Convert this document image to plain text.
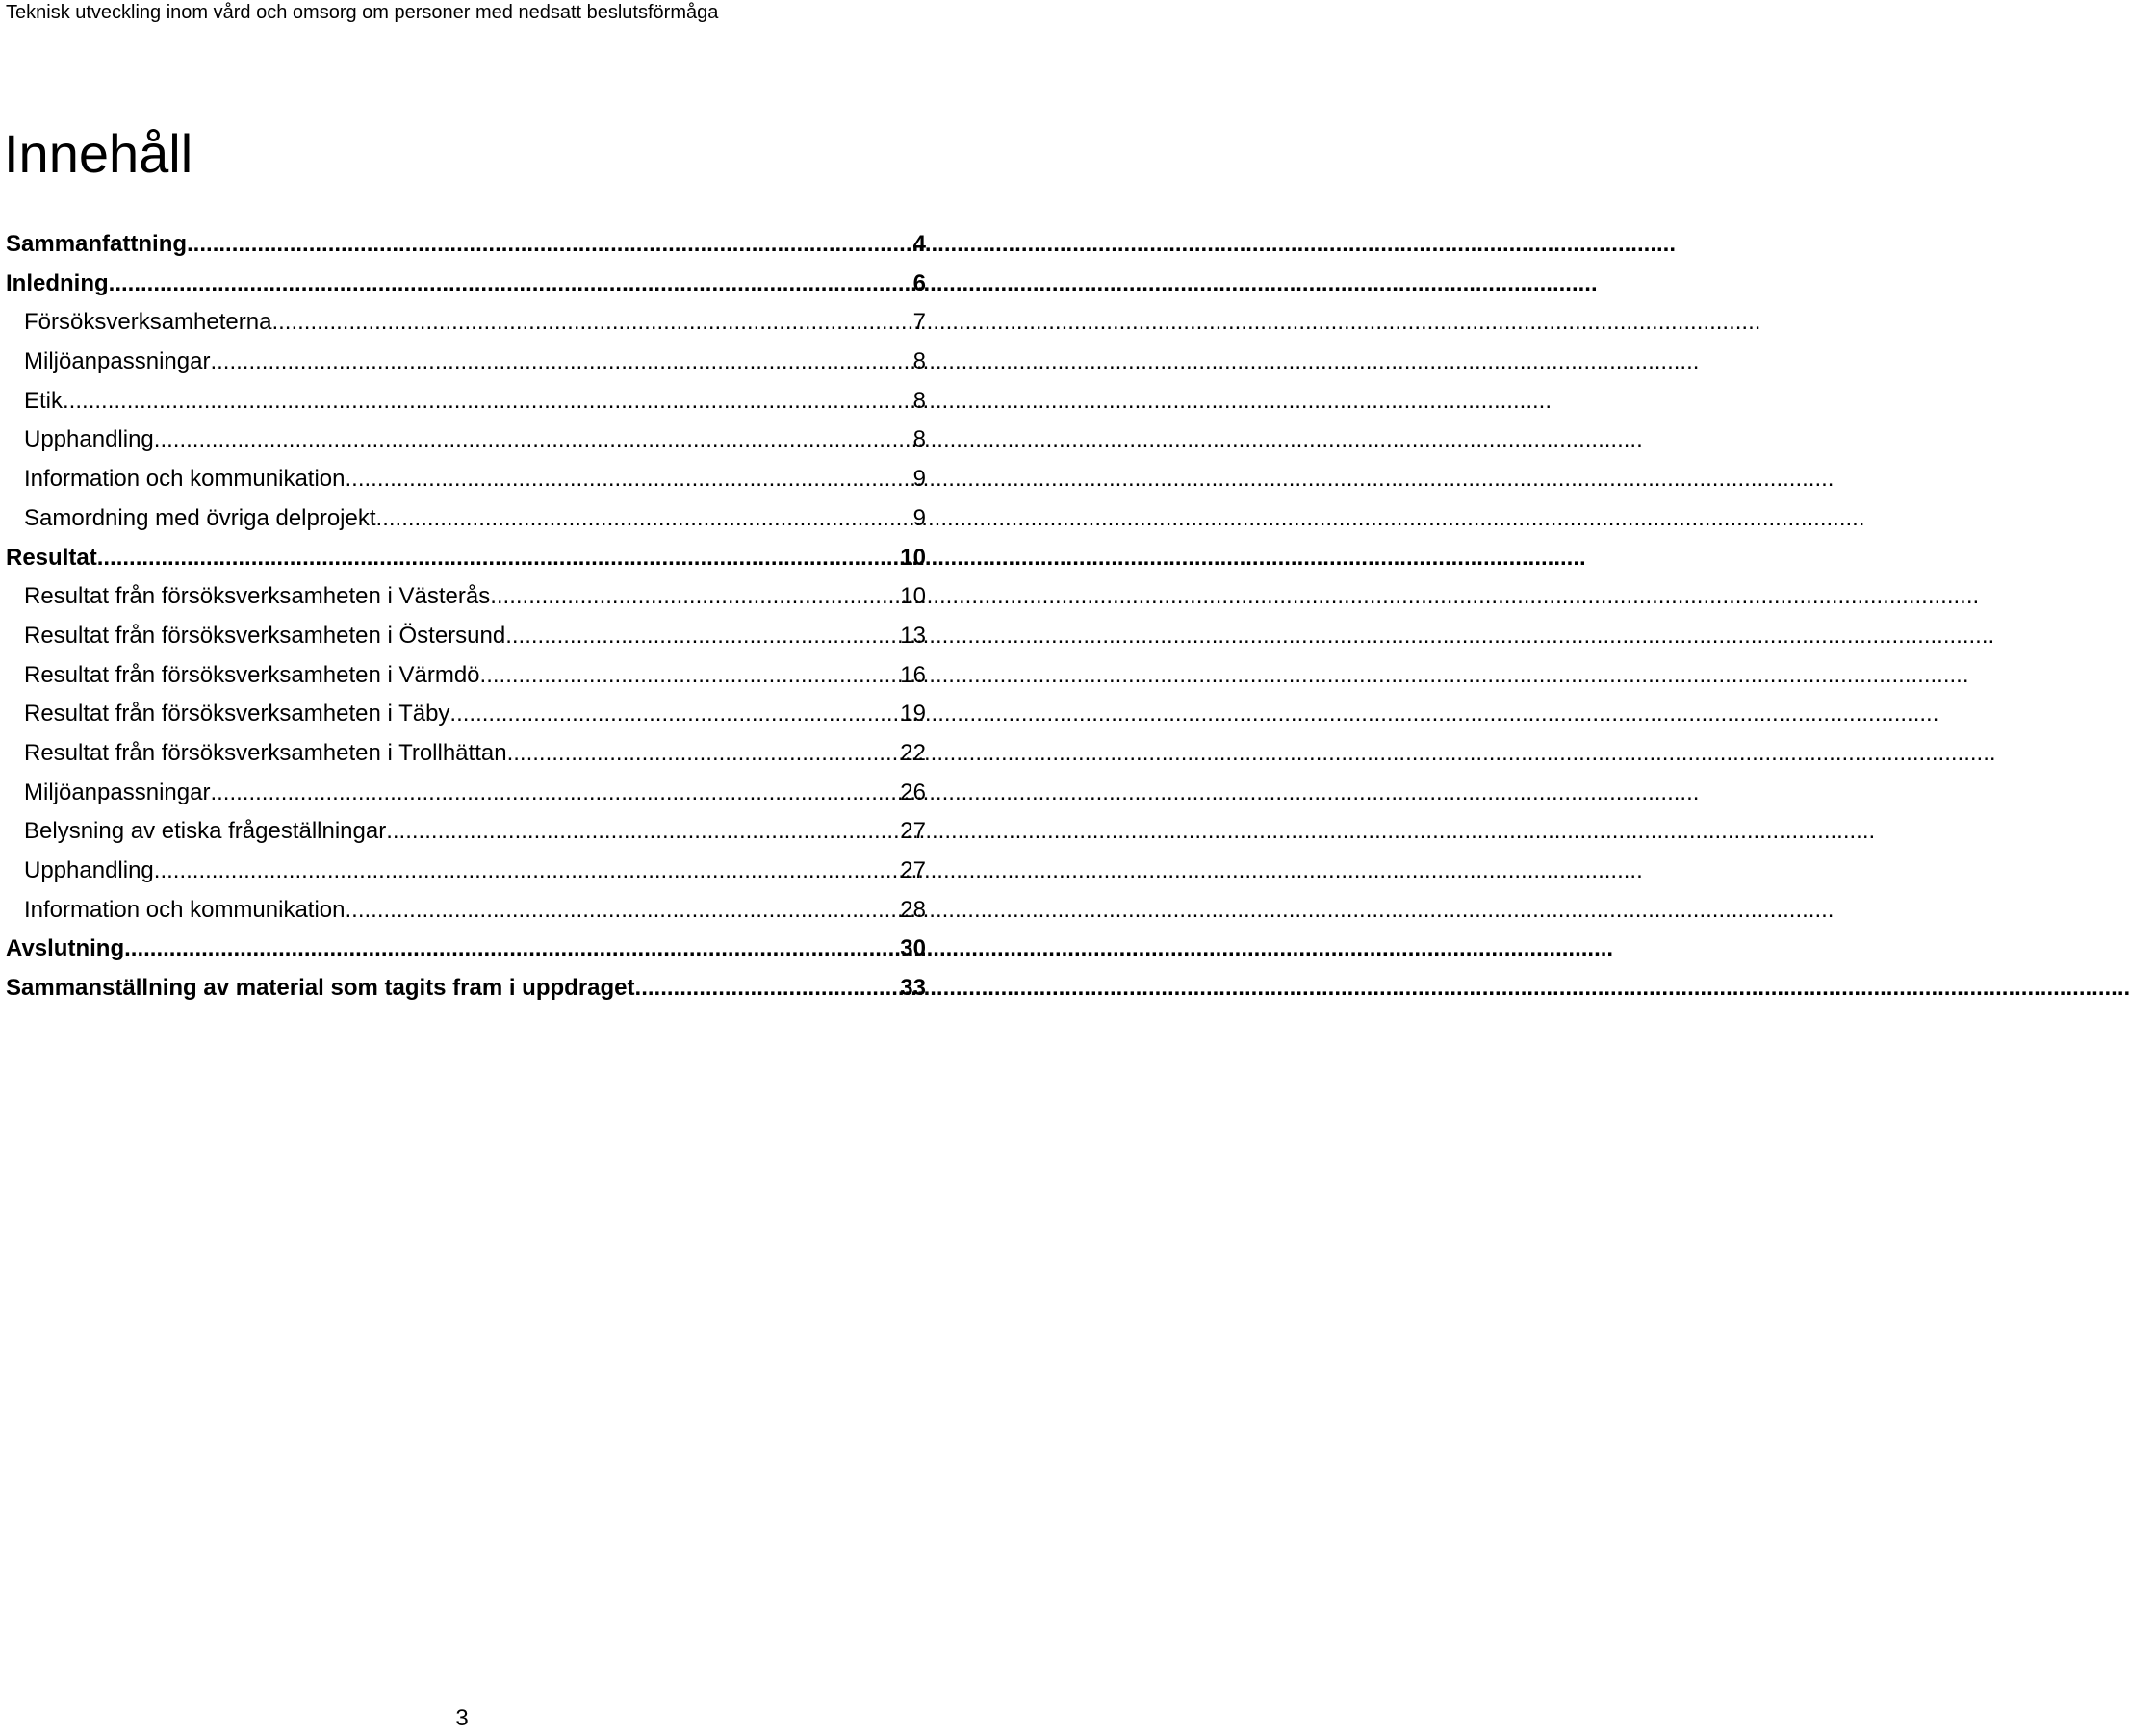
Teknisk utveckling inom vård och omsorg om personer med nedsatt beslutsförmåga
Innehåll
Sammanfattning .....	4
Inledning .....	6
Försöksverksamheterna .....	7
Miljöanpassningar .....	8
Etik .....	8
Upphandling .....	8
Information och kommunikation .....	9
Samordning med övriga delprojekt .....	9
Resultat .....	10
Resultat från försöksverksamheten i Västerås .....	10
Resultat från försöksverksamheten i Östersund .....	13
Resultat från försöksverksamheten i Värmdö .....	16
Resultat från försöksverksamheten i Täby .....	19
Resultat från försöksverksamheten i Trollhättan .....	22
Miljöanpassningar .....	26
Belysning av etiska frågeställningar .....	27
Upphandling .....	27
Information och kommunikation .....	28
Avslutning .....	30
Sammanställning av material som tagits fram i uppdraget. .....	33
3
